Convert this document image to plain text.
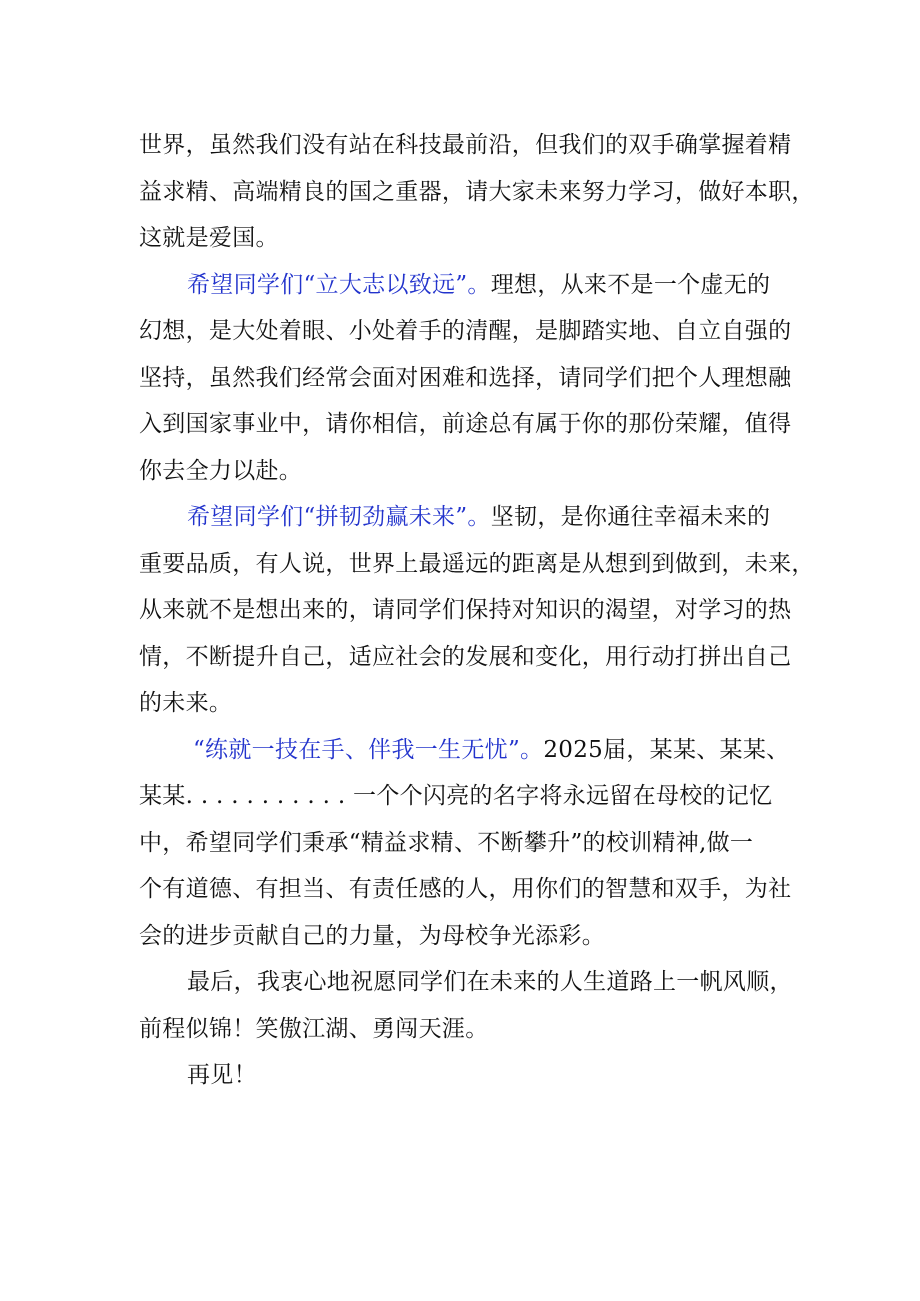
世界，虽然我们没有站在科技最前沿，但我们的双手确掌握着精
益求精、高端精良的国之重器，请大家未来努力学习，做好本职，
这就是爱国。

希望同学们“立大志以致远”。理想，从来不是一个虚无的
幻想，是大处着眼、小处着手的清醒，是脚踏实地、自立自强的
坚持，虽然我们经常会面对困难和选择，请同学们把个人理想融
入到国家事业中，请你相信，前途总有属于你的那份荣耀，值得
你去全力以赴。

希望同学们“拼韧劲赢未来”。坚韧，是你通往幸福未来的
重要品质，有人说，世界上最遥远的距离是从想到到做到，未来，
从来就不是想出来的，请同学们保持对知识的渴望，对学习的热
情，不断提升自己，适应社会的发展和变化，用行动打拼出自己
的未来。

“练就一技在手、伴我一生无忧”。2025届，某某、某某、
某某. . . . . . . . . . . 一个个闪亮的名字将永远留在母校的记忆
中，希望同学们秉承“精益求精、不断攀升”的校训精神,做一
个有道德、有担当、有责任感的人，用你们的智慧和双手，为社
会的进步贡献自己的力量，为母校争光添彩。

最后，我衷心地祝愿同学们在未来的人生道路上一帆风顺，
前程似锦！笑傲江湖、勇闯天涯。

再见！
